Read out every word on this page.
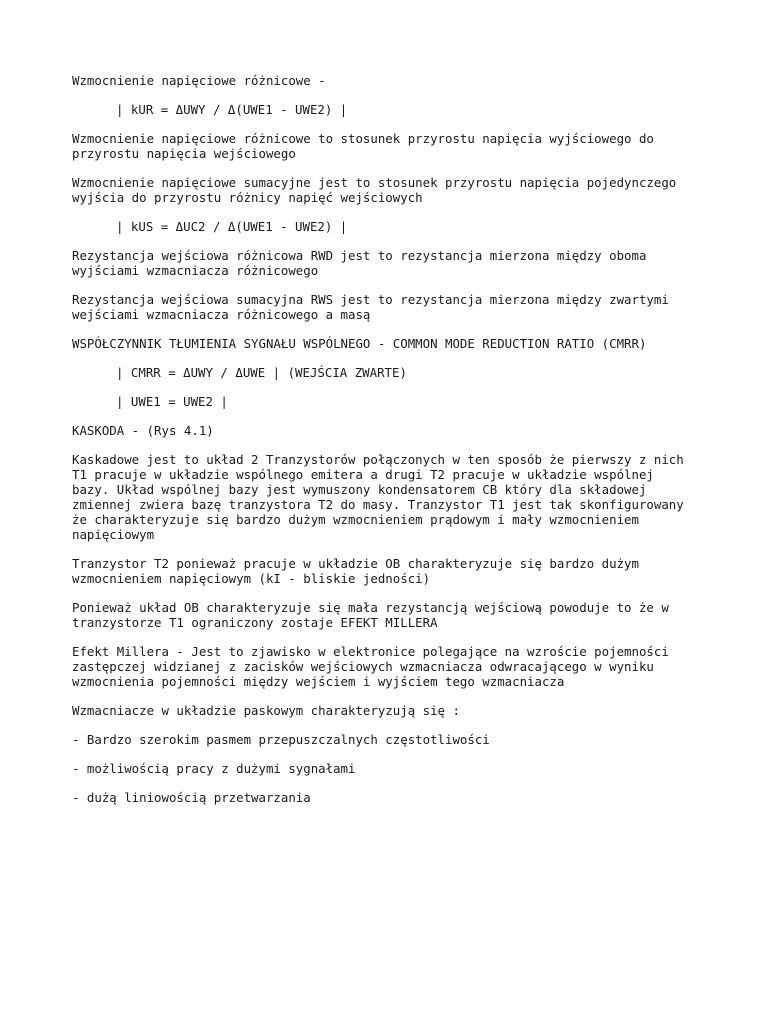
Wzmocnienie napięciowe różnicowe -
| kUR = ΔUWY / Δ(UWE1 - UWE2) |
Wzmocnienie napięciowe różnicowe to stosunek przyrostu napięcia wyjściowego do
przyrostu napięcia wejściowego
Wzmocnienie napięciowe sumacyjne jest to stosunek przyrostu napięcia pojedynczego
wyjścia do przyrostu różnicy napięć wejściowych
| kUS = ΔUC2 / Δ(UWE1 - UWE2) |
Rezystancja wejściowa różnicowa RWD jest to rezystancja mierzona między oboma
wyjściami wzmacniacza różnicowego
Rezystancja wejściowa sumacyjna RWS jest to rezystancja mierzona między zwartymi
wejściami wzmacniacza różnicowego a masą
WSPÓŁCZYNNIK TŁUMIENIA SYGNAŁU WSPÓLNEGO - COMMON MODE REDUCTION RATIO (CMRR)
| CMRR = ΔUWY / ΔUWE | (WEJŚCIA ZWARTE)
| UWE1 = UWE2 |
KASKODA - (Rys 4.1)
Kaskadowe jest to układ 2 Tranzystorów połączonych w ten sposób że pierwszy z nich
T1 pracuje w układzie wspólnego emitera a drugi T2 pracuje w układzie wspólnej
bazy. Układ wspólnej bazy jest wymuszony kondensatorem CB który dla składowej
zmiennej zwiera bazę tranzystora T2 do masy. Tranzystor T1 jest tak skonfigurowany
że charakteryzuje się bardzo dużym wzmocnieniem prądowym i mały wzmocnieniem
napięciowym
Tranzystor T2 ponieważ pracuje w układzie OB charakteryzuje się bardzo dużym
wzmocnieniem napięciowym (kI - bliskie jedności)
Ponieważ układ OB charakteryzuje się mała rezystancją wejściową powoduje to że w
tranzystorze T1 ograniczony zostaje EFEKT MILLERA
Efekt Millera - Jest to zjawisko w elektronice polegające na wzroście pojemności
zastępczej widzianej z zacisków wejściowych wzmacniacza odwracającego w wyniku
wzmocnienia pojemności między wejściem i wyjściem tego wzmacniacza
Wzmacniacze w układzie paskowym charakteryzują się :
- Bardzo szerokim pasmem przepuszczalnych częstotliwości
- możliwością pracy z dużymi sygnałami
- dużą liniowością przetwarzania
